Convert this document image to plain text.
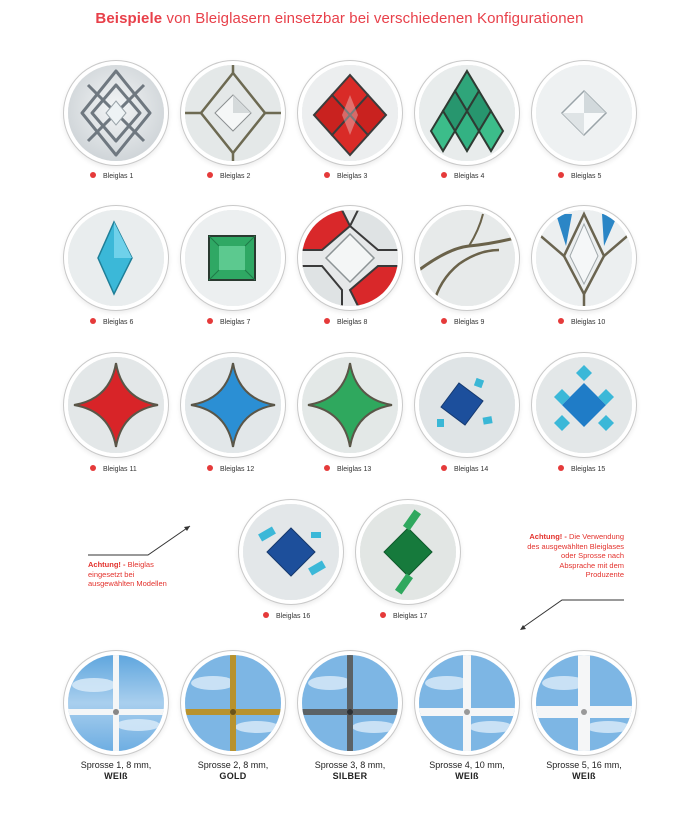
Beispiele von Bleiglasern einsetzbar bei verschiedenen Konfigurationen
Bleiglas 1	Bleiglas 2	Bleiglas 3	Bleiglas 4	Bleiglas 5
Bleiglas 6	Bleiglas 7	Bleiglas 8	Bleiglas 9	Bleiglas 10
Bleiglas 11	Bleiglas 12	Bleiglas 13	Bleiglas 14	Bleiglas 15
Bleiglas 16	Bleiglas 17
Achtung! - Bleiglas eingesetzt bei ausgewählten Modellen
Achtung! - Die Verwendung des ausgewählten Bleiglases oder Sprosse nach Absprache mit dem Produzente
Sprosse 1, 8 mm,
WEIß
Sprosse 2, 8 mm,
GOLD
Sprosse 3, 8 mm,
SILBER
Sprosse 4, 10 mm,
WEIß
Sprosse 5, 16 mm,
WEIß
